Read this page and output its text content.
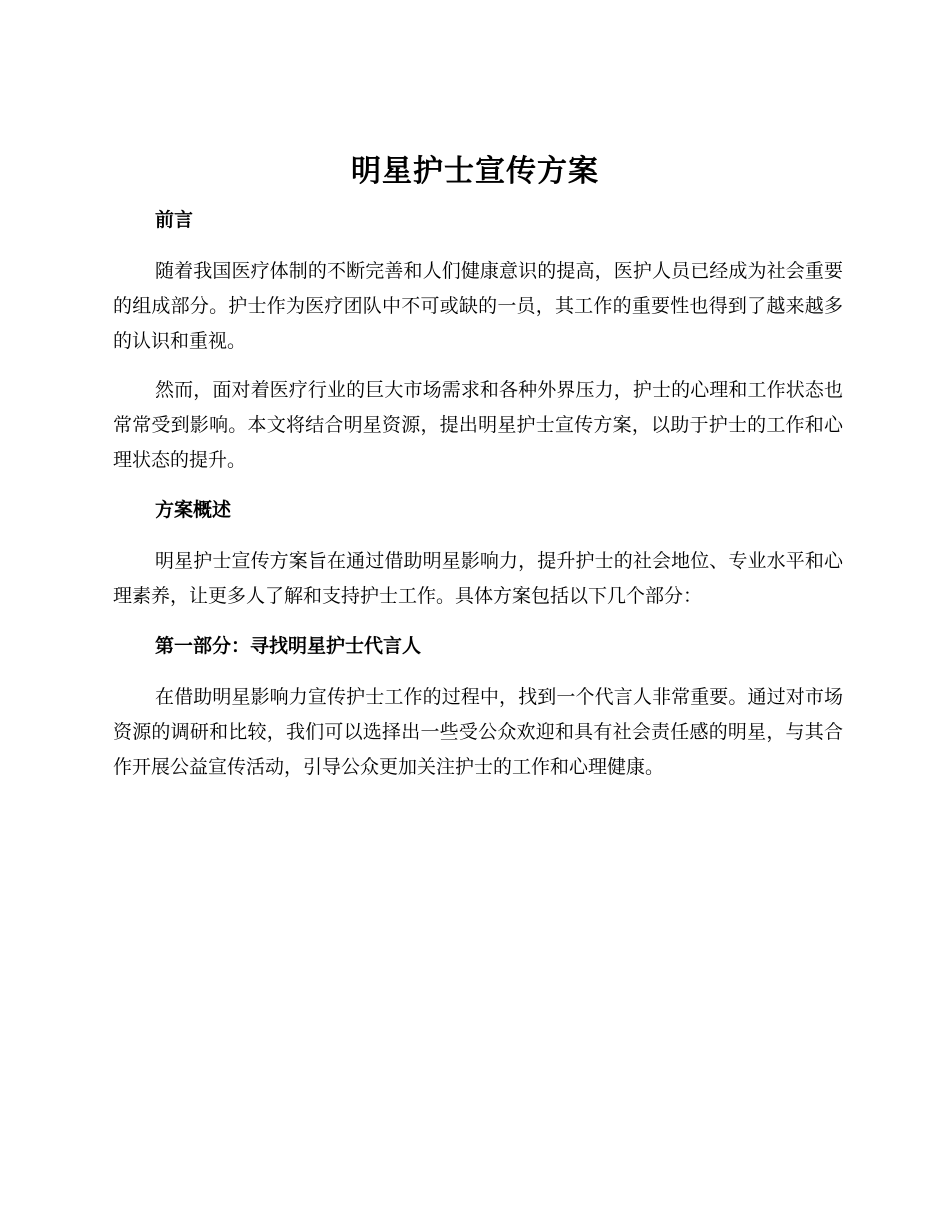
明星护士宣传方案
前言

随着我国医疗体制的不断完善和人们健康意识的提高，医护人员已经成为社会重要的组成部分。护士作为医疗团队中不可或缺的一员，其工作的重要性也得到了越来越多的认识和重视。

然而，面对着医疗行业的巨大市场需求和各种外界压力，护士的心理和工作状态也常常受到影响。本文将结合明星资源，提出明星护士宣传方案，以助于护士的工作和心理状态的提升。

方案概述

明星护士宣传方案旨在通过借助明星影响力，提升护士的社会地位、专业水平和心理素养，让更多人了解和支持护士工作。具体方案包括以下几个部分：

第一部分：寻找明星护士代言人

在借助明星影响力宣传护士工作的过程中，找到一个代言人非常重要。通过对市场资源的调研和比较，我们可以选择出一些受公众欢迎和具有社会责任感的明星，与其合作开展公益宣传活动，引导公众更加关注护士的工作和心理健康。
